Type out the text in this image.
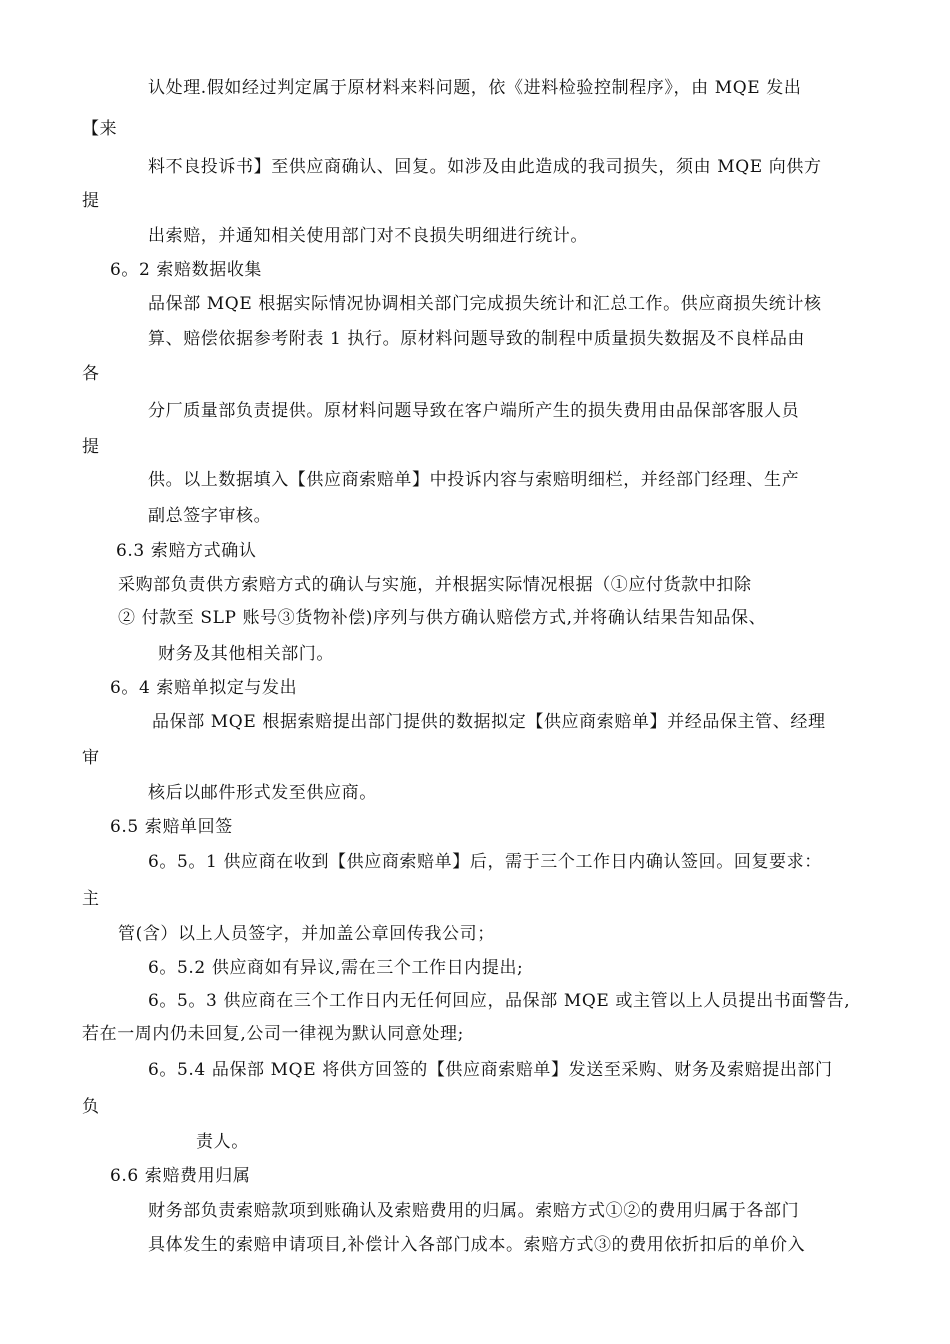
认处理.假如经过判定属于原材料来料问题，依《进料检验控制程序》，由 MQE 发出
【来
料不良投诉书】至供应商确认、回复。如涉及由此造成的我司损失，须由 MQE 向供方
提
出索赔，并通知相关使用部门对不良损失明细进行统计。
6。2 索赔数据收集
品保部 MQE 根据实际情况协调相关部门完成损失统计和汇总工作。供应商损失统计核
算、赔偿依据参考附表 1 执行。原材料问题导致的制程中质量损失数据及不良样品由
各
分厂质量部负责提供。原材料问题导致在客户端所产生的损失费用由品保部客服人员
提
供。以上数据填入【供应商索赔单】中投诉内容与索赔明细栏，并经部门经理、生产
副总签字审核。
6.3 索赔方式确认
采购部负责供方索赔方式的确认与实施，并根据实际情况根据（①应付货款中扣除
② 付款至 SLP 账号③货物补偿)序列与供方确认赔偿方式,并将确认结果告知品保、
财务及其他相关部门。
6。4 索赔单拟定与发出
品保部 MQE 根据索赔提出部门提供的数据拟定【供应商索赔单】并经品保主管、经理
审
核后以邮件形式发至供应商。
6.5 索赔单回签
6。5。1 供应商在收到【供应商索赔单】后，需于三个工作日内确认签回。回复要求：
主
管(含）以上人员签字，并加盖公章回传我公司；
6。5.2 供应商如有异议,需在三个工作日内提出;
6。5。3 供应商在三个工作日内无任何回应，品保部 MQE 或主管以上人员提出书面警告,
若在一周内仍未回复,公司一律视为默认同意处理;
6。5.4 品保部 MQE 将供方回签的【供应商索赔单】发送至采购、财务及索赔提出部门
负
责人。
6.6 索赔费用归属
财务部负责索赔款项到账确认及索赔费用的归属。索赔方式①②的费用归属于各部门
具体发生的索赔申请项目,补偿计入各部门成本。索赔方式③的费用依折扣后的单价入
